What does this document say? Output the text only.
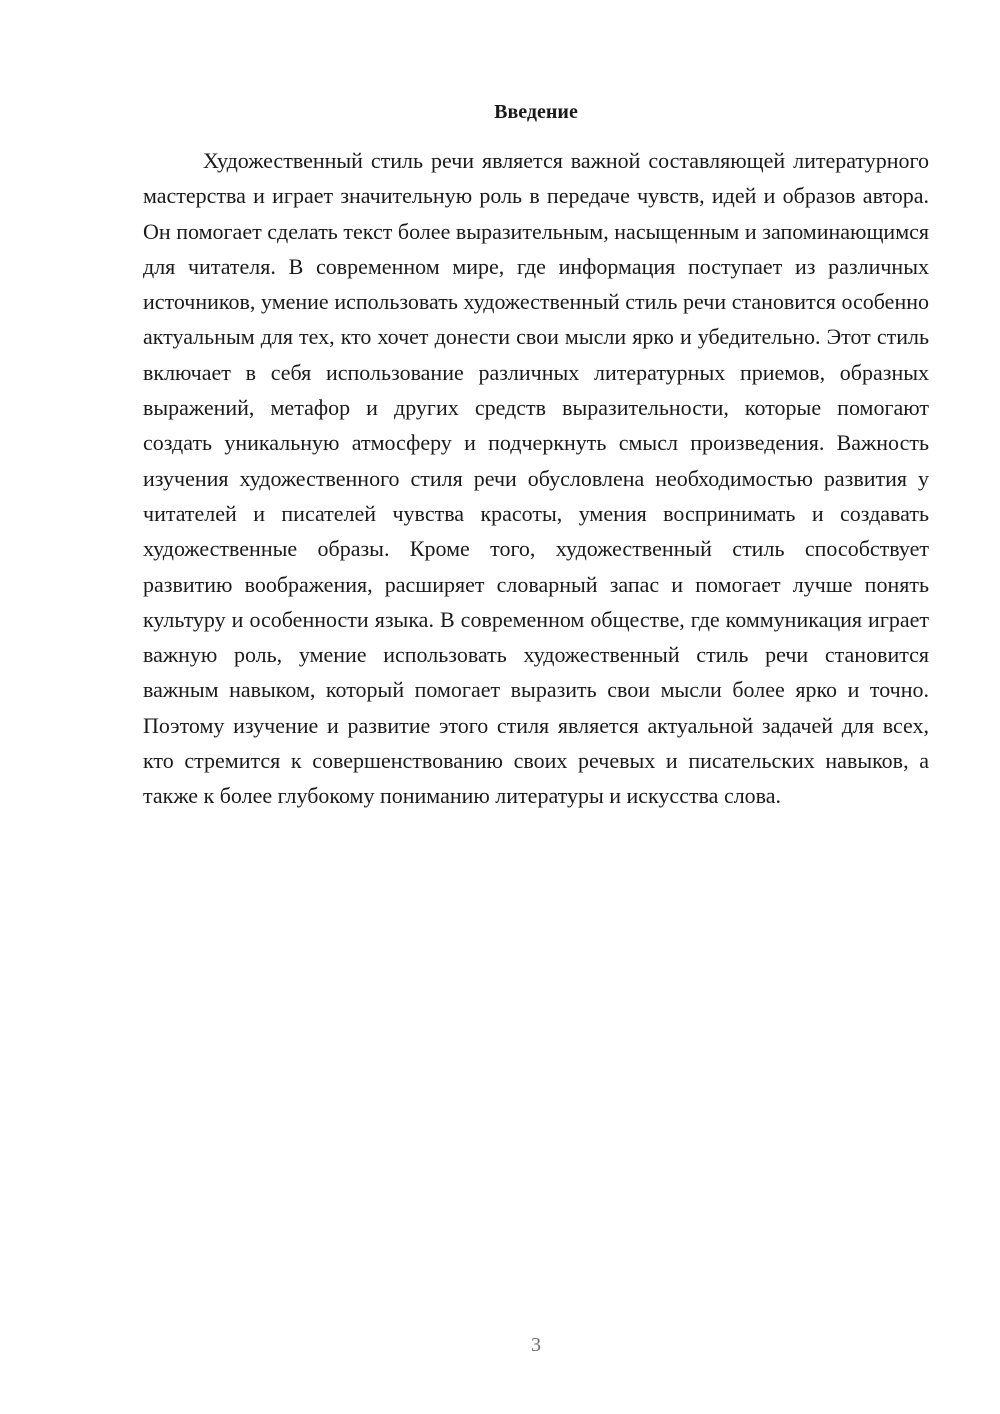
Введение

Художественный стиль речи является важной составляющей литературного мастерства и играет значительную роль в передаче чувств, идей и образов автора. Он помогает сделать текст более выразительным, насыщенным и запоминающимся для читателя. В современном мире, где информация поступает из различных источников, умение использовать художественный стиль речи становится особенно актуальным для тех, кто хочет донести свои мысли ярко и убедительно. Этот стиль включает в себя использование различных литературных приемов, образных выражений, метафор и других средств выразительности, которые помогают создать уникальную атмосферу и подчеркнуть смысл произведения. Важность изучения художественного стиля речи обусловлена необходимостью развития у читателей и писателей чувства красоты, умения воспринимать и создавать художественные образы. Кроме того, художественный стиль способствует развитию воображения, расширяет словарный запас и помогает лучше понять культуру и особенности языка. В современном обществе, где коммуникация играет важную роль, умение использовать художественный стиль речи становится важным навыком, который помогает выразить свои мысли более ярко и точно. Поэтому изучение и развитие этого стиля является актуальной задачей для всех, кто стремится к совершенствованию своих речевых и писательских навыков, а также к более глубокому пониманию литературы и искусства слова.

3
